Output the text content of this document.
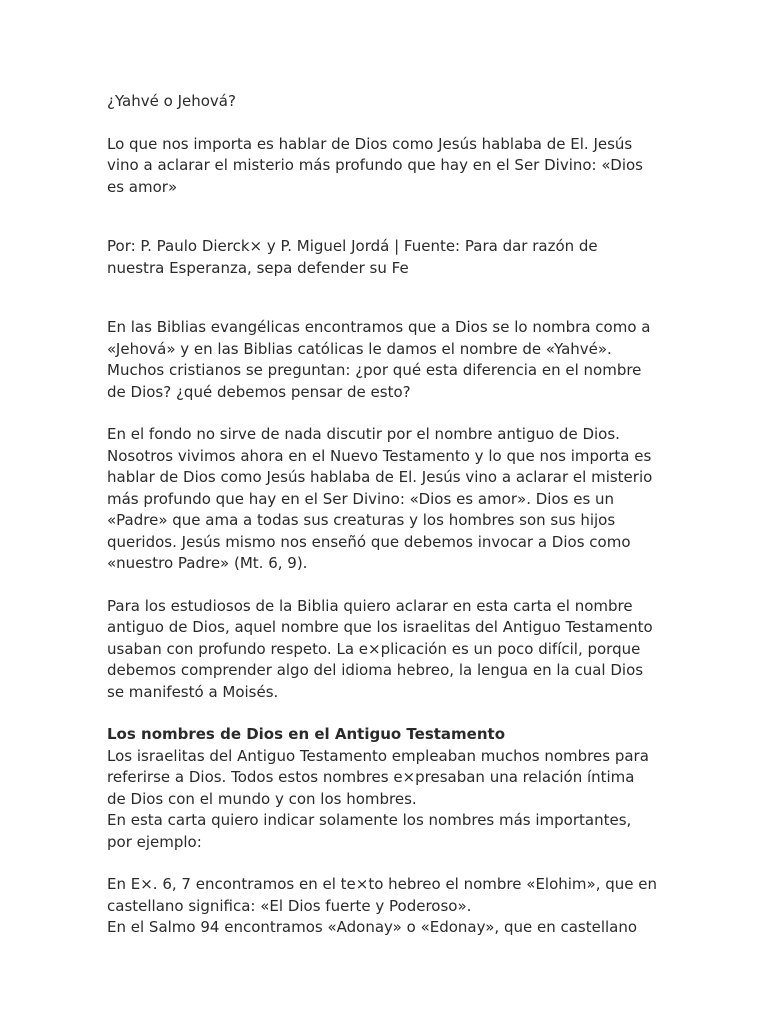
¿Yahvé o Jehová?

Lo que nos importa es hablar de Dios como Jesús hablaba de El. Jesús
vino a aclarar el misterio más profundo que hay en el Ser Divino: «Dios
es amor»

Por: P. Paulo Dierck× y P. Miguel Jordá | Fuente: Para dar razón de
nuestra Esperanza, sepa defender su Fe

En las Biblias evangélicas encontramos que a Dios se lo nombra como a
«Jehová» y en las Biblias católicas le damos el nombre de «Yahvé».
Muchos cristianos se preguntan: ¿por qué esta diferencia en el nombre
de Dios? ¿qué debemos pensar de esto?

En el fondo no sirve de nada discutir por el nombre antiguo de Dios.
Nosotros vivimos ahora en el Nuevo Testamento y lo que nos importa es
hablar de Dios como Jesús hablaba de El. Jesús vino a aclarar el misterio
más profundo que hay en el Ser Divino: «Dios es amor». Dios es un
«Padre» que ama a todas sus creaturas y los hombres son sus hijos
queridos. Jesús mismo nos enseñó que debemos invocar a Dios como
«nuestro Padre» (Mt. 6, 9).

Para los estudiosos de la Biblia quiero aclarar en esta carta el nombre
antiguo de Dios, aquel nombre que los israelitas del Antiguo Testamento
usaban con profundo respeto. La e×plicación es un poco difícil, porque
debemos comprender algo del idioma hebreo, la lengua en la cual Dios
se manifestó a Moisés.

Los nombres de Dios en el Antiguo Testamento

Los israelitas del Antiguo Testamento empleaban muchos nombres para
referirse a Dios. Todos estos nombres e×presaban una relación íntima
de Dios con el mundo y con los hombres.
En esta carta quiero indicar solamente los nombres más importantes,
por ejemplo:

En E×. 6, 7 encontramos en el te×to hebreo el nombre «Elohim», que en
castellano significa: «El Dios fuerte y Poderoso».
En el Salmo 94 encontramos «Adonay» o «Edonay», que en castellano
